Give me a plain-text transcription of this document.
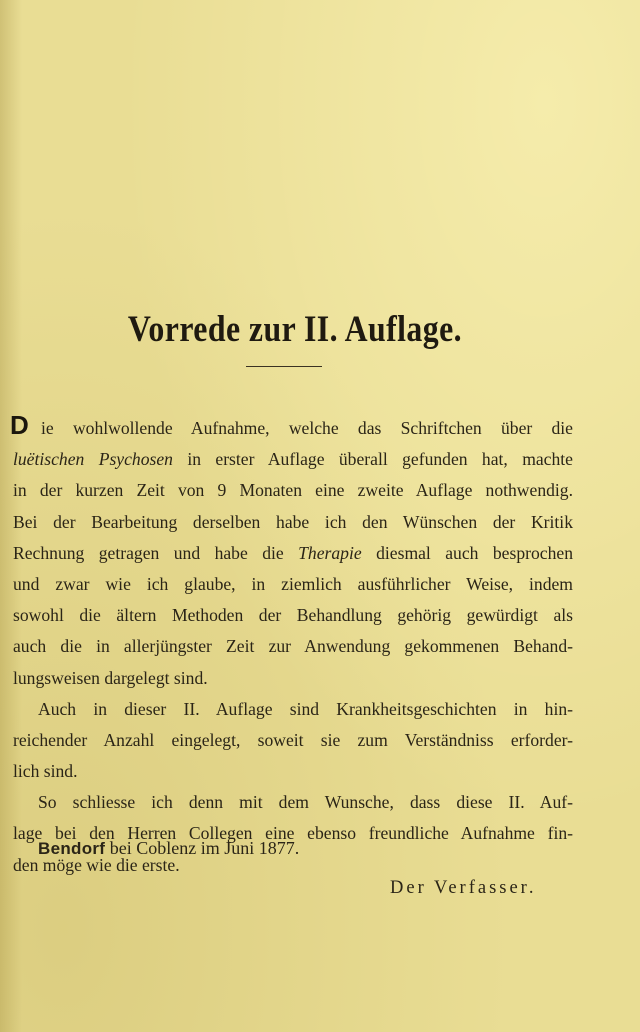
Vorrede zur II. Auflage.
D ie wohlwollende Aufnahme, welche das Schriftchen über die
luëtischen Psychosen in erster Auflage überall gefunden hat, machte
in der kurzen Zeit von 9 Monaten eine zweite Auflage nothwendig.
Bei der Bearbeitung derselben habe ich den Wünschen der Kritik
Rechnung getragen und habe die Therapie diesmal auch besprochen
und zwar wie ich glaube, in ziemlich ausführlicher Weise, indem
sowohl die ältern Methoden der Behandlung gehörig gewürdigt als
auch die in allerjüngster Zeit zur Anwendung gekommenen Behand-
lungsweisen dargelegt sind.
Auch in dieser II. Auflage sind Krankheitsgeschichten in hin-
reichender Anzahl eingelegt, soweit sie zum Verständniss erforder-
lich sind.
So schliesse ich denn mit dem Wunsche, dass diese II. Auf-
lage bei den Herren Collegen eine ebenso freundliche Aufnahme fin-
den möge wie die erste.
Bendorf bei Coblenz im Juni 1877.
Der Verfasser.
